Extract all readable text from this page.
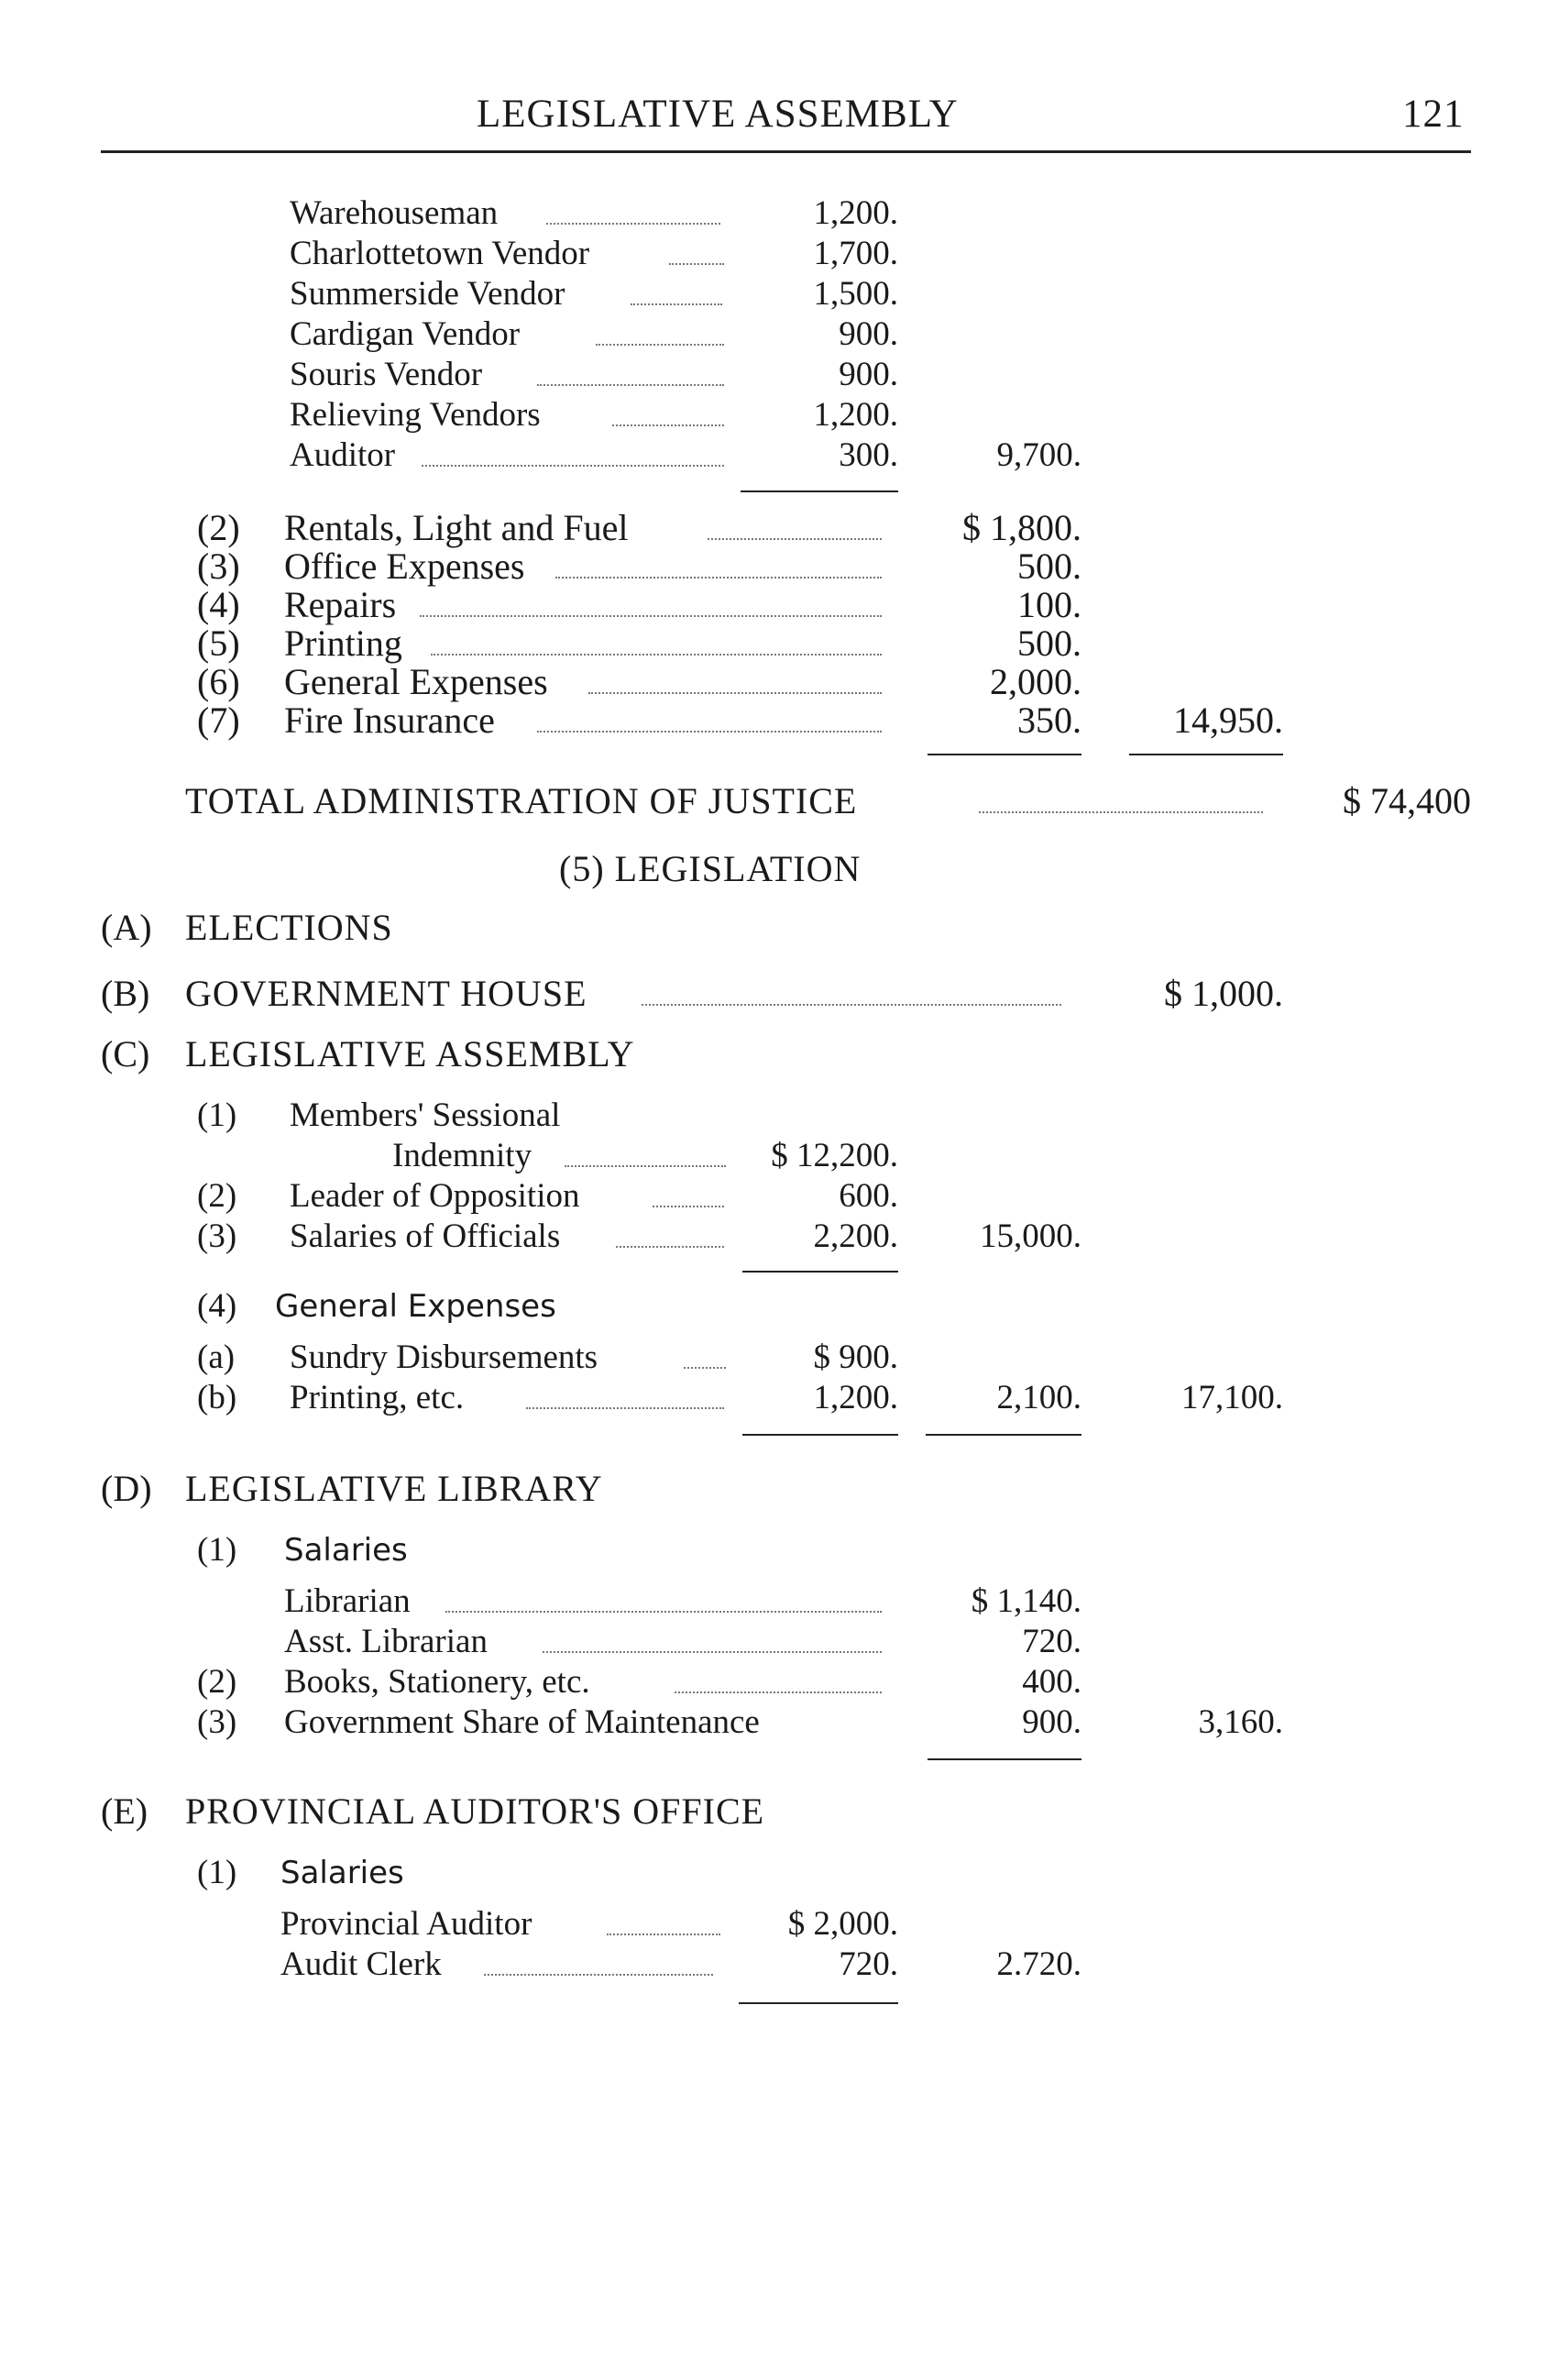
LEGISLATIVE ASSEMBLY	121
Warehouseman	1,200.
Charlottetown Vendor	1,700.
Summerside Vendor	1,500.
Cardigan Vendor	900.
Souris Vendor	900.
Relieving Vendors	1,200.
Auditor	300.	9,700.
(2) Rentals, Light and Fuel	$ 1,800.
(3) Office Expenses	500.
(4) Repairs	100.
(5) Printing	500.
(6) General Expenses	2,000.
(7) Fire Insurance	350.	14,950.
TOTAL ADMINISTRATION OF JUSTICE	$ 74,400
(5) LEGISLATION
(A) ELECTIONS
(B) GOVERNMENT HOUSE	$ 1,000.
(C) LEGISLATIVE ASSEMBLY
(1) Members' Sessional
Indemnity	$ 12,200.
(2) Leader of Opposition	600.
(3) Salaries of Officials	2,200.	15,000.
(4) General Expenses
(a) Sundry Disbursements	$ 900.
(b) Printing, etc.	1,200.	2,100.	17,100.
(D) LEGISLATIVE LIBRARY
(1) Salaries
Librarian	$ 1,140.
Asst. Librarian	720.
(2) Books, Stationery, etc.	400.
(3) Government Share of Maintenance	900.	3,160.
(E) PROVINCIAL AUDITOR'S OFFICE
(1) Salaries
Provincial Auditor	$ 2,000.
Audit Clerk	720.	2.720.
